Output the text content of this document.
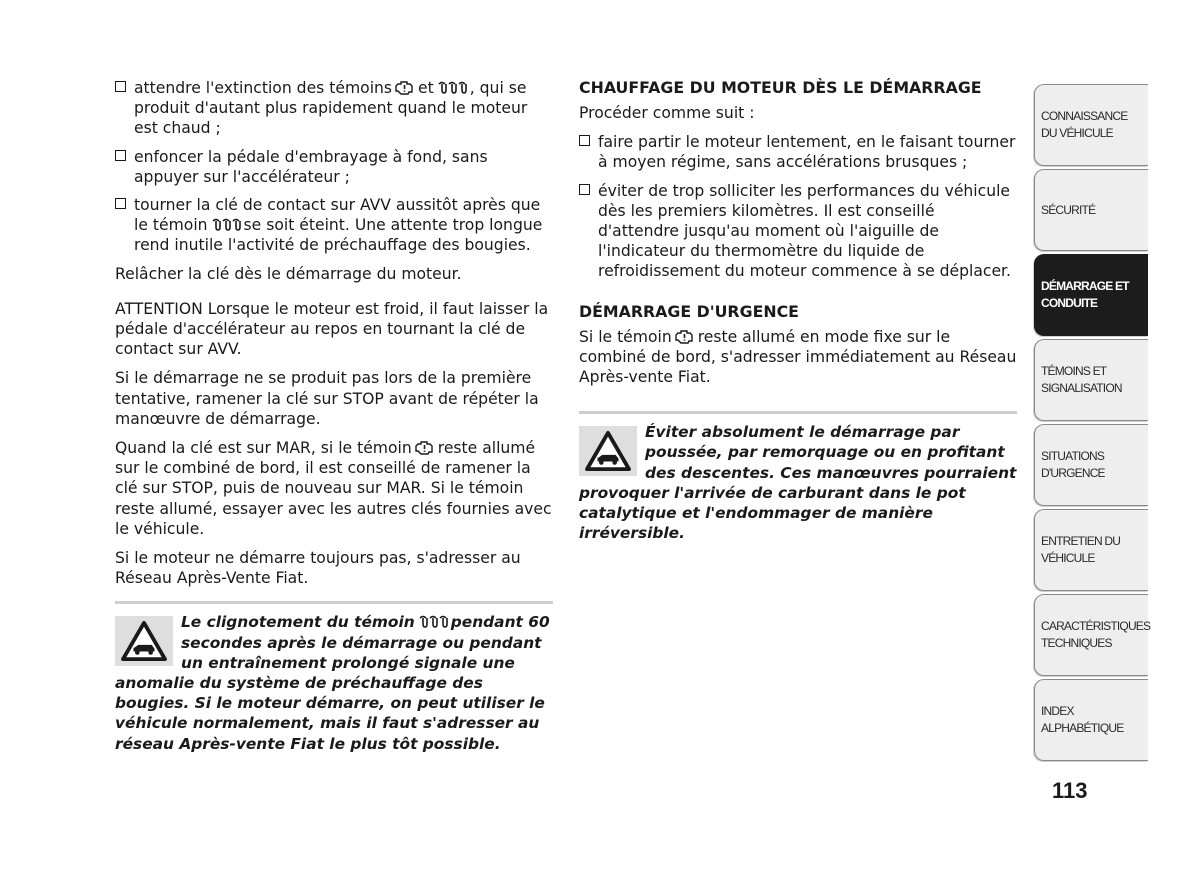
attendre l'extinction des témoins et , qui se produit d'autant plus rapidement quand le moteur est chaud ;
enfoncer la pédale d'embrayage à fond, sans appuyer sur l'accélérateur ;
tourner la clé de contact sur AVV aussitôt après que le témoin se soit éteint. Une attente trop longue rend inutile l'activité de préchauffage des bougies.

Relâcher la clé dès le démarrage du moteur.

ATTENTION Lorsque le moteur est froid, il faut laisser la pédale d'accélérateur au repos en tournant la clé de contact sur AVV.

Si le démarrage ne se produit pas lors de la première tentative, ramener la clé sur STOP avant de répéter la manœuvre de démarrage.

Quand la clé est sur MAR, si le témoin reste allumé sur le combiné de bord, il est conseillé de ramener la clé sur STOP, puis de nouveau sur MAR. Si le témoin reste allumé, essayer avec les autres clés fournies avec le véhicule.

Si le moteur ne démarre toujours pas, s'adresser au Réseau Après-Vente Fiat.

Le clignotement du témoin pendant 60 secondes après le démarrage ou pendant un entraînement prolongé signale une anomalie du système de préchauffage des bougies. Si le moteur démarre, on peut utiliser le véhicule normalement, mais il faut s'adresser au réseau Après-vente Fiat le plus tôt possible.
CHAUFFAGE DU MOTEUR DÈS LE DÉMARRAGE

Procéder comme suit :

faire partir le moteur lentement, en le faisant tourner à moyen régime, sans accélérations brusques ;
éviter de trop solliciter les performances du véhicule dès les premiers kilomètres. Il est conseillé d'attendre jusqu'au moment où l'aiguille de l'indicateur du thermomètre du liquide de refroidissement du moteur commence à se déplacer.
DÉMARRAGE D'URGENCE

Si le témoin reste allumé en mode fixe sur le combiné de bord, s'adresser immédiatement au Réseau Après-vente Fiat.

Éviter absolument le démarrage par poussée, par remorquage ou en profitant des descentes. Ces manœuvres pourraient provoquer l'arrivée de carburant dans le pot catalytique et l'endommager de manière irréversible.
CONNAISSANCE DU VÉHICULE
SÉCURITÉ
DÉMARRAGE ET CONDUITE
TÉMOINS ET SIGNALISATION
SITUATIONS D'URGENCE
ENTRETIEN DU VÉHICULE
CARACTÉRISTIQUES TECHNIQUES
INDEX ALPHABÉTIQUE
113
